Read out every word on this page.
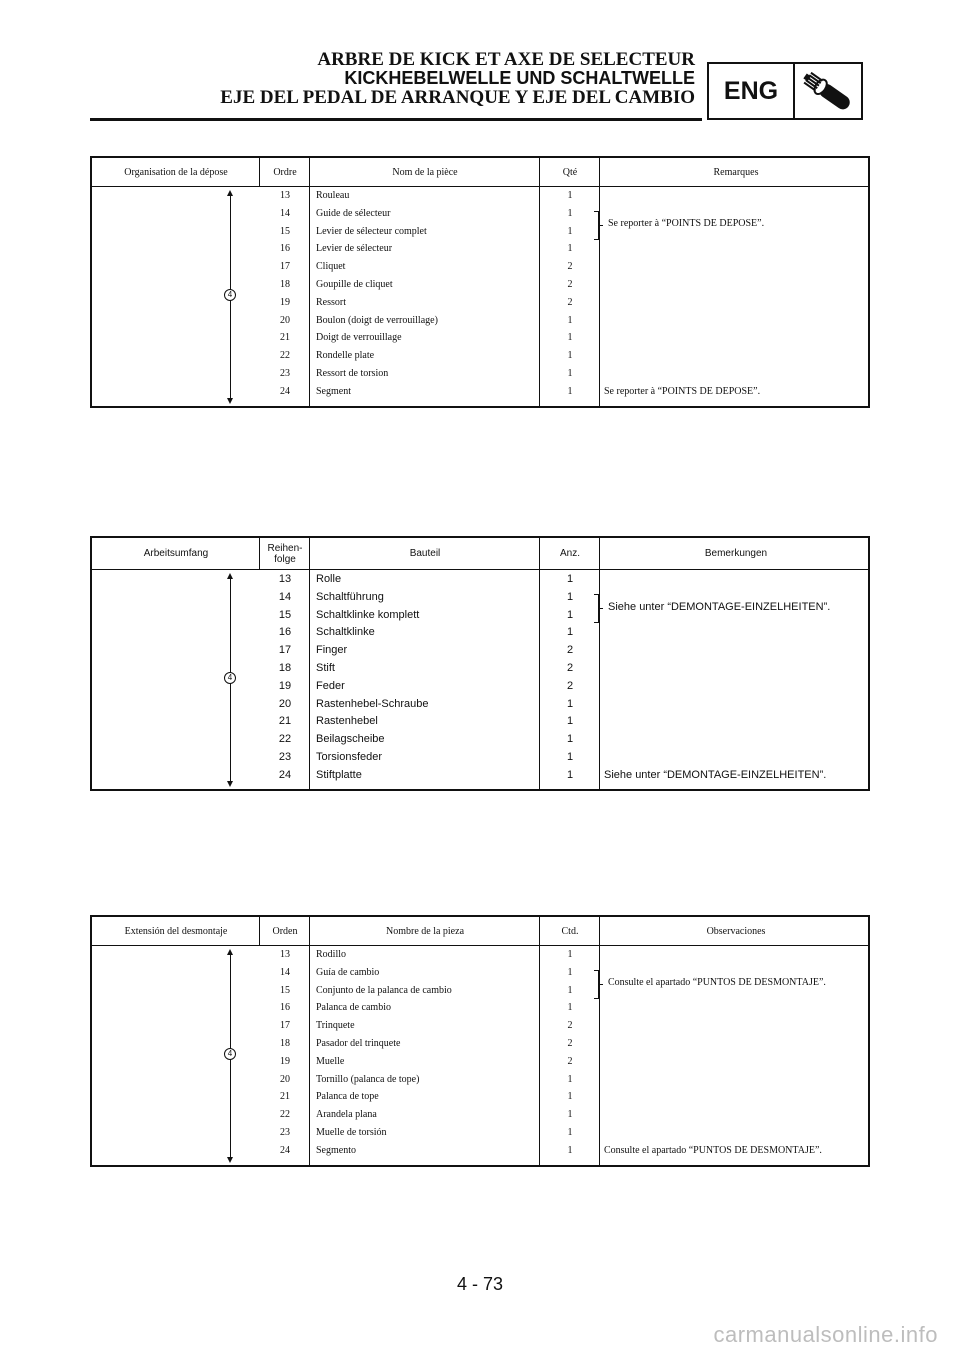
ARBRE DE KICK ET AXE DE SELECTEUR
KICKHEBELWELLE UND SCHALTWELLE
EJE DEL PEDAL DE ARRANQUE Y EJE DEL CAMBIO	ENG
Organisation de la dépose	Ordre	Nom de la pièce	Qté	Remarques
13	Rouleau	1
14	Guide de sélecteur	1
15	Levier de sélecteur complet	1
16	Levier de sélecteur	1
17	Cliquet	2
18	Goupille de cliquet	2
19	Ressort	2
20	Boulon (doigt de verrouillage)	1
21	Doigt de verrouillage	1
22	Rondelle plate	1
23	Ressort de torsion	1
24	Segment	1
4
Se reporter à “POINTS DE DEPOSE”.
Se reporter à “POINTS DE DEPOSE”.
Arbeitsumfang	Reihen-
folge	Bauteil	Anz.	Bemerkungen
13	Rolle	1
14	Schaltführung	1
15	Schaltklinke komplett	1
16	Schaltklinke	1
17	Finger	2
18	Stift	2
19	Feder	2
20	Rastenhebel-Schraube	1
21	Rastenhebel	1
22	Beilagscheibe	1
23	Torsionsfeder	1
24	Stiftplatte	1
4
Siehe unter “DEMONTAGE-EINZELHEITEN”.
Siehe unter “DEMONTAGE-EINZELHEITEN”.
Extensión del desmontaje	Orden	Nombre de la pieza	Ctd.	Observaciones
13	Rodillo	1
14	Guía de cambio	1
15	Conjunto de la palanca de cambio	1
16	Palanca de cambio	1
17	Trinquete	2
18	Pasador del trinquete	2
19	Muelle	2
20	Tornillo (palanca de tope)	1
21	Palanca de tope	1
22	Arandela plana	1
23	Muelle de torsión	1
24	Segmento	1
4
Consulte el apartado “PUNTOS DE DESMONTAJE”.
Consulte el apartado “PUNTOS DE DESMONTAJE”.
4 - 73
carmanualsonline.info
